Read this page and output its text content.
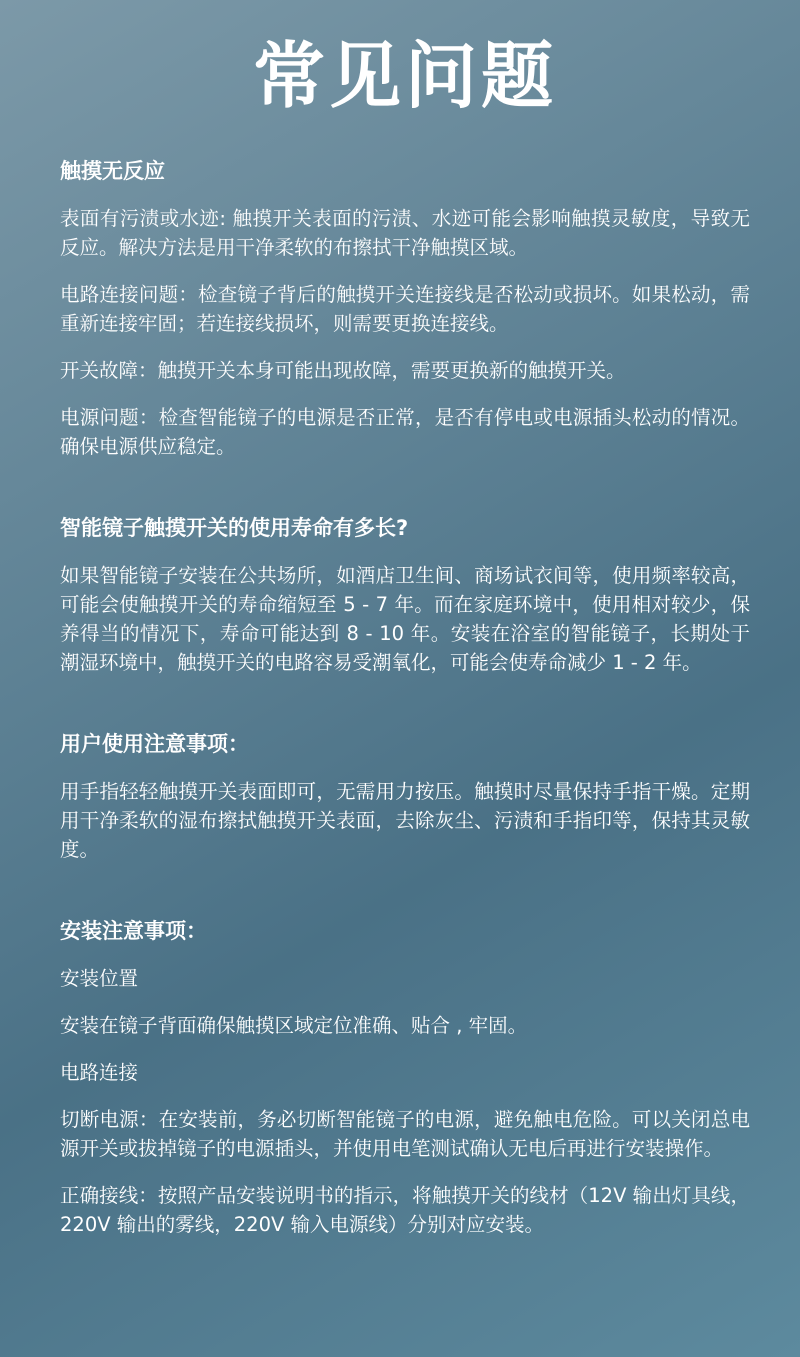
常见问题
触摸无反应

表面有污渍或水迹: 触摸开关表面的污渍、水迹可能会影响触摸灵敏度，导致无反应。解决方法是用干净柔软的布擦拭干净触摸区域。

电路连接问题：检查镜子背后的触摸开关连接线是否松动或损坏。如果松动，需重新连接牢固；若连接线损坏，则需要更换连接线。

开关故障：触摸开关本身可能出现故障，需要更换新的触摸开关。

电源问题：检查智能镜子的电源是否正常，是否有停电或电源插头松动的情况。确保电源供应稳定。

智能镜子触摸开关的使用寿命有多长?

如果智能镜子安装在公共场所，如酒店卫生间、商场试衣间等，使用频率较高，可能会使触摸开关的寿命缩短至 5 - 7 年。而在家庭环境中，使用相对较少，保养得当的情况下，寿命可能达到 8 - 10 年。安装在浴室的智能镜子，长期处于潮湿环境中，触摸开关的电路容易受潮氧化，可能会使寿命减少 1 - 2 年。

用户使用注意事项：

用手指轻轻触摸开关表面即可，无需用力按压。触摸时尽量保持手指干燥。定期用干净柔软的湿布擦拭触摸开关表面，去除灰尘、污渍和手指印等，保持其灵敏度。

安装注意事项：

安装位置

安装在镜子背面确保触摸区域定位准确、贴合 , 牢固。

电路连接

切断电源：在安装前，务必切断智能镜子的电源，避免触电危险。可以关闭总电源开关或拔掉镜子的电源插头，并使用电笔测试确认无电后再进行安装操作。

正确接线：按照产品安装说明书的指示，将触摸开关的线材（12V 输出灯具线，220V 输出的雾线，220V 输入电源线）分别对应安装。
